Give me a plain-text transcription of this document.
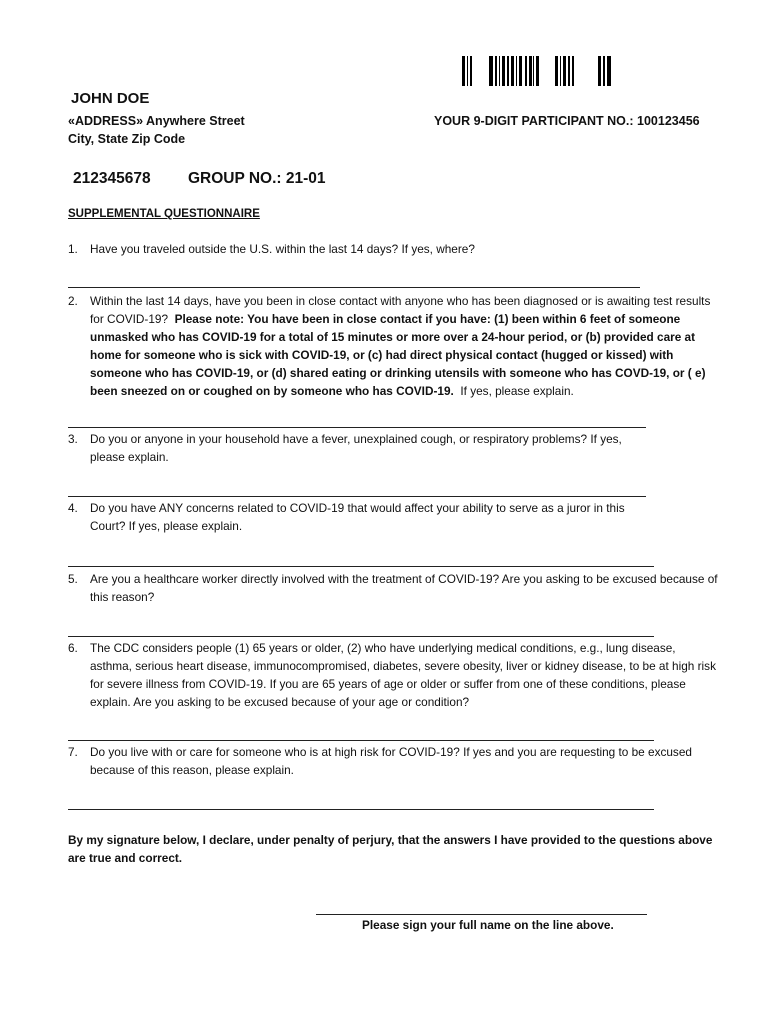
JOHN DOE
«ADDRESS» Anywhere Street
City, State Zip Code
YOUR 9-DIGIT PARTICIPANT NO.: 100123456
212345678 GROUP NO.: 21-01
SUPPLEMENTAL QUESTIONNAIRE
1.	Have you traveled outside the U.S. within the last 14 days? If yes, where?
2.	Within the last 14 days, have you been in close contact with anyone who has been diagnosed or is awaiting test results for COVID-19? Please note: You have been in close contact if you have: (1) been within 6 feet of someone unmasked who has COVID-19 for a total of 15 minutes or more over a 24-hour period, or (b) provided care at home for someone who is sick with COVID-19, or (c) had direct physical contact (hugged or kissed) with someone who has COVID-19, or (d) shared eating or drinking utensils with someone who has COVD-19, or ( e) been sneezed on or coughed on by someone who has COVID-19. If yes, please explain.
3.	Do you or anyone in your household have a fever, unexplained cough, or respiratory problems? If yes, please explain.
4.	Do you have ANY concerns related to COVID-19 that would affect your ability to serve as a juror in this Court? If yes, please explain.
5.	Are you a healthcare worker directly involved with the treatment of COVID-19? Are you asking to be excused because of this reason?
6.	The CDC considers people (1) 65 years or older, (2) who have underlying medical conditions, e.g., lung disease, asthma, serious heart disease, immunocompromised, diabetes, severe obesity, liver or kidney disease, to be at high risk for severe illness from COVID-19. If you are 65 years of age or older or suffer from one of these conditions, please explain. Are you asking to be excused because of your age or condition?
7.	Do you live with or care for someone who is at high risk for COVID-19? If yes and you are requesting to be excused because of this reason, please explain.
By my signature below, I declare, under penalty of perjury, that the answers I have provided to the questions above are true and correct.
Please sign your full name on the line above.
